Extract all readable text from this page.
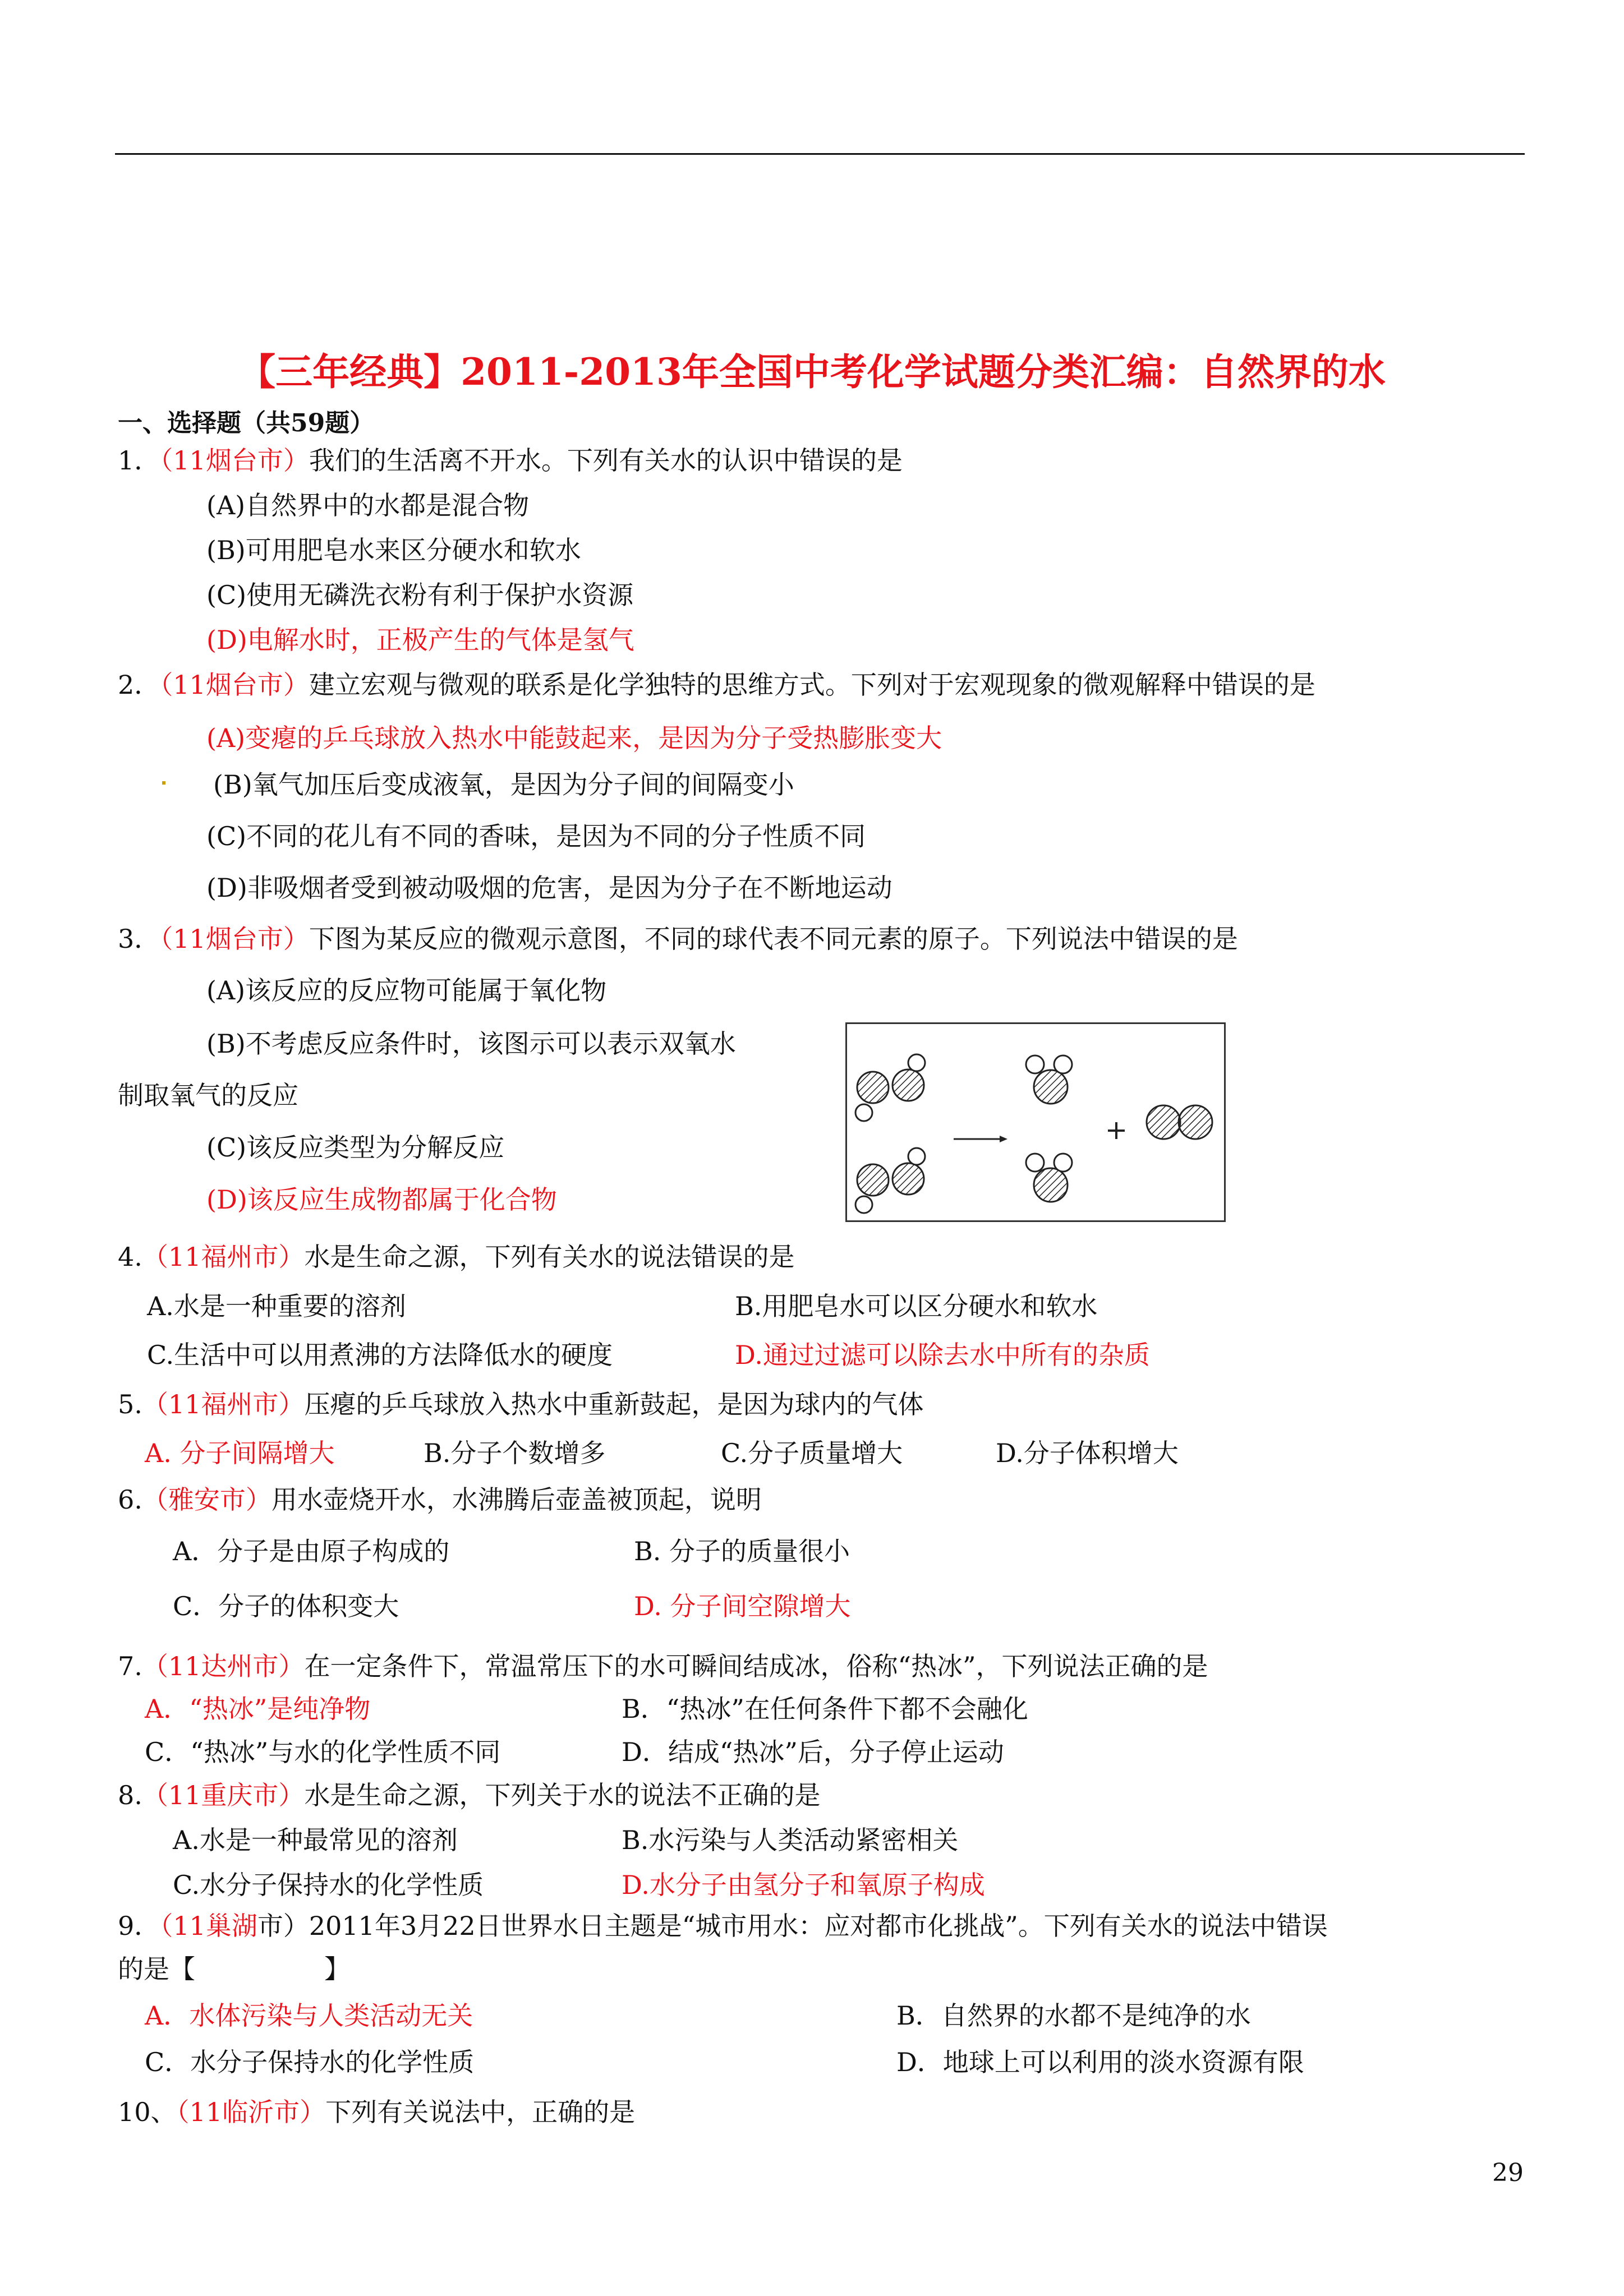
【三年经典】2011-2013年全国中考化学试题分类汇编：自然界的水
一、选择题（共59题）
1．（11烟台市）我们的生活离不开水。下列有关水的认识中错误的是
(A)自然界中的水都是混合物
(B)可用肥皂水来区分硬水和软水
(C)使用无磷洗衣粉有利于保护水资源
(D)电解水时，正极产生的气体是氢气
2．（11烟台市）建立宏观与微观的联系是化学独特的思维方式。下列对于宏观现象的微观解释中错误的是
(A)变瘪的乒乓球放入热水中能鼓起来，是因为分子受热膨胀变大
(B)氧气加压后变成液氧，是因为分子间的间隔变小
(C)不同的花儿有不同的香味，是因为不同的分子性质不同
(D)非吸烟者受到被动吸烟的危害，是因为分子在不断地运动
3．（11烟台市）下图为某反应的微观示意图，不同的球代表不同元素的原子。下列说法中错误的是
(A)该反应的反应物可能属于氧化物
(B)不考虑反应条件时，该图示可以表示双氧水
制取氧气的反应
(C)该反应类型为分解反应
(D)该反应生成物都属于化合物
4.（11福州市）水是生命之源，下列有关水的说法错误的是
A.水是一种重要的溶剂	B.用肥皂水可以区分硬水和软水
C.生活中可以用煮沸的方法降低水的硬度	D.通过过滤可以除去水中所有的杂质
5.（11福州市）压瘪的乒乓球放入热水中重新鼓起，是因为球内的气体
A. 分子间隔增大	B.分子个数增多	C.分子质量增大	D.分子体积增大
6.（雅安市）用水壶烧开水，水沸腾后壶盖被顶起，说明
A．分子是由原子构成的	B. 分子的质量很小
C．分子的体积变大	D. 分子间空隙增大
7.（11达州市）在一定条件下，常温常压下的水可瞬间结成冰，俗称“热冰”，下列说法正确的是
A．“热冰”是纯净物	B．“热冰”在任何条件下都不会融化
C．“热冰”与水的化学性质不同	D．结成“热冰”后，分子停止运动
8.（11重庆市）水是生命之源，下列关于水的说法不正确的是
A.水是一种最常见的溶剂	B.水污染与人类活动紧密相关
C.水分子保持水的化学性质	D.水分子由氢分子和氧原子构成
9．（11巢湖市）2011年3月22日世界水日主题是“城市用水：应对都市化挑战”。下列有关水的说法中错误
的是【　　　　　】
A．水体污染与人类活动无关	B．自然界的水都不是纯净的水
C．水分子保持水的化学性质	D．地球上可以利用的淡水资源有限
10、（11临沂市）下列有关说法中，正确的是
29
